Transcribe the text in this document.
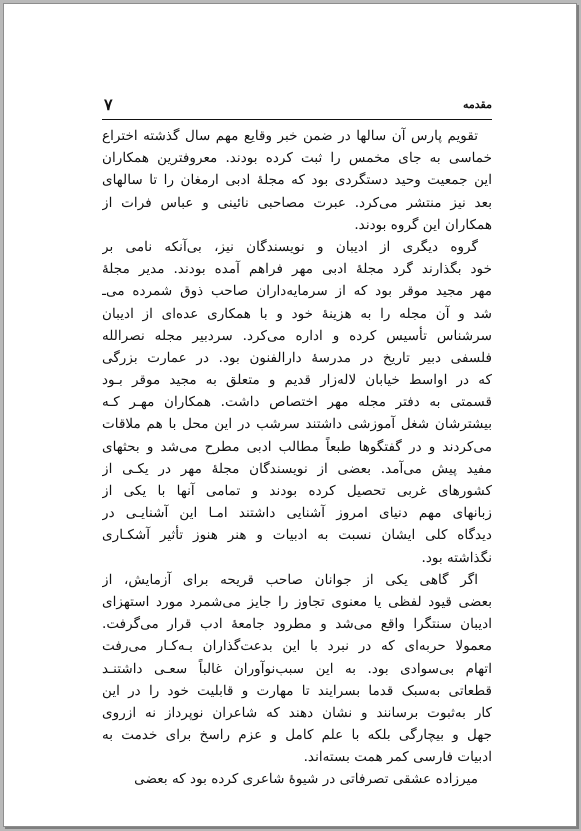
مقدمه
۷
تقویم پارس آن سالها در ضمن خبر وقایع مهم سال گذشته اختراع
خماسی به جای مخمس را ثبت کرده بودند. معروفترین همکاران
این جمعیت وحید دستگردی بود که مجلهٔ ادبی ارمغان را تا سالهای
بعد نیز منتشر می‌کرد. عبرت مصاحبی نائینی و عباس فرات از
همکاران این گروه بودند.
گروه دیگری از ادیبان و نویسندگان نیز، بی‌آنکه نامی بر
خود بگذارند گرد مجلهٔ ادبی مهر فراهم آمده بودند. مدیر مجلهٔ
مهر مجید موقر بود که از سرمایه‌داران صاحب ذوق شمرده می‌ـ
شد و آن مجله را به هزینهٔ خود و با همکاری عده‌ای از ادیبان
سرشناس تأسیس کرده و اداره می‌کرد. سردبیر مجله نصرالله
فلسفی دبیر تاریخ در مدرسهٔ دارالفنون بود. در عمارت بزرگی
که در اواسط خیابان لاله‌زار قدیم و متعلق به مجید موقر بـود
قسمتی به دفتر مجله مهر اختصاص داشت. همکاران مهـر کـه
بیشترشان شغل آموزشی داشتند سرشب در این محل با هم ملاقات
می‌کردند و در گفتگوها طبعاً مطالب ادبی مطرح می‌شد و بحثهای
مفید پیش می‌آمد. بعضی از نویسندگان مجلهٔ مهر در یکـی از
کشورهای غربی تحصیل کرده بودند و تمامی آنها با یکی از
زبانهای مهم دنیای امروز آشنایی داشتند امـا این آشنایـی در
دیدگاه کلی ایشان نسبت به ادبیات و هنر هنوز تأثیر آشکـاری
نگذاشته بود.
اگر گاهی یکی از جوانان صاحب قریحه برای آزمایش، از
بعضی قیود لفظی یا معنوی تجاوز را جایز می‌شمرد مورد استهزای
ادیبان سنتگرا واقع می‌شد و مطرود جامعهٔ ادب قرار می‌گرفت.
معمولا حربه‌ای که در نبرد با این بدعت‌گذاران بـه‌کـار می‌رفت
اتهام بی‌سوادی بود. به این سبب‌نوآوران غالباً سعـی داشتنـد
قطعاتی به‌سبک قدما بسرایند تا مهارت و قابلیت خود را در این
کار به‌ثبوت برسانند و نشان دهند که شاعران نوپرداز نه ازروی
جهل و بیچارگی بلکه با علم کامل و عزم راسخ برای خدمت به
ادبیات فارسی کمر همت بسته‌اند.
میرزاده عشقی تصرفاتی در شیوهٔ شاعری کرده بود که بعضی
